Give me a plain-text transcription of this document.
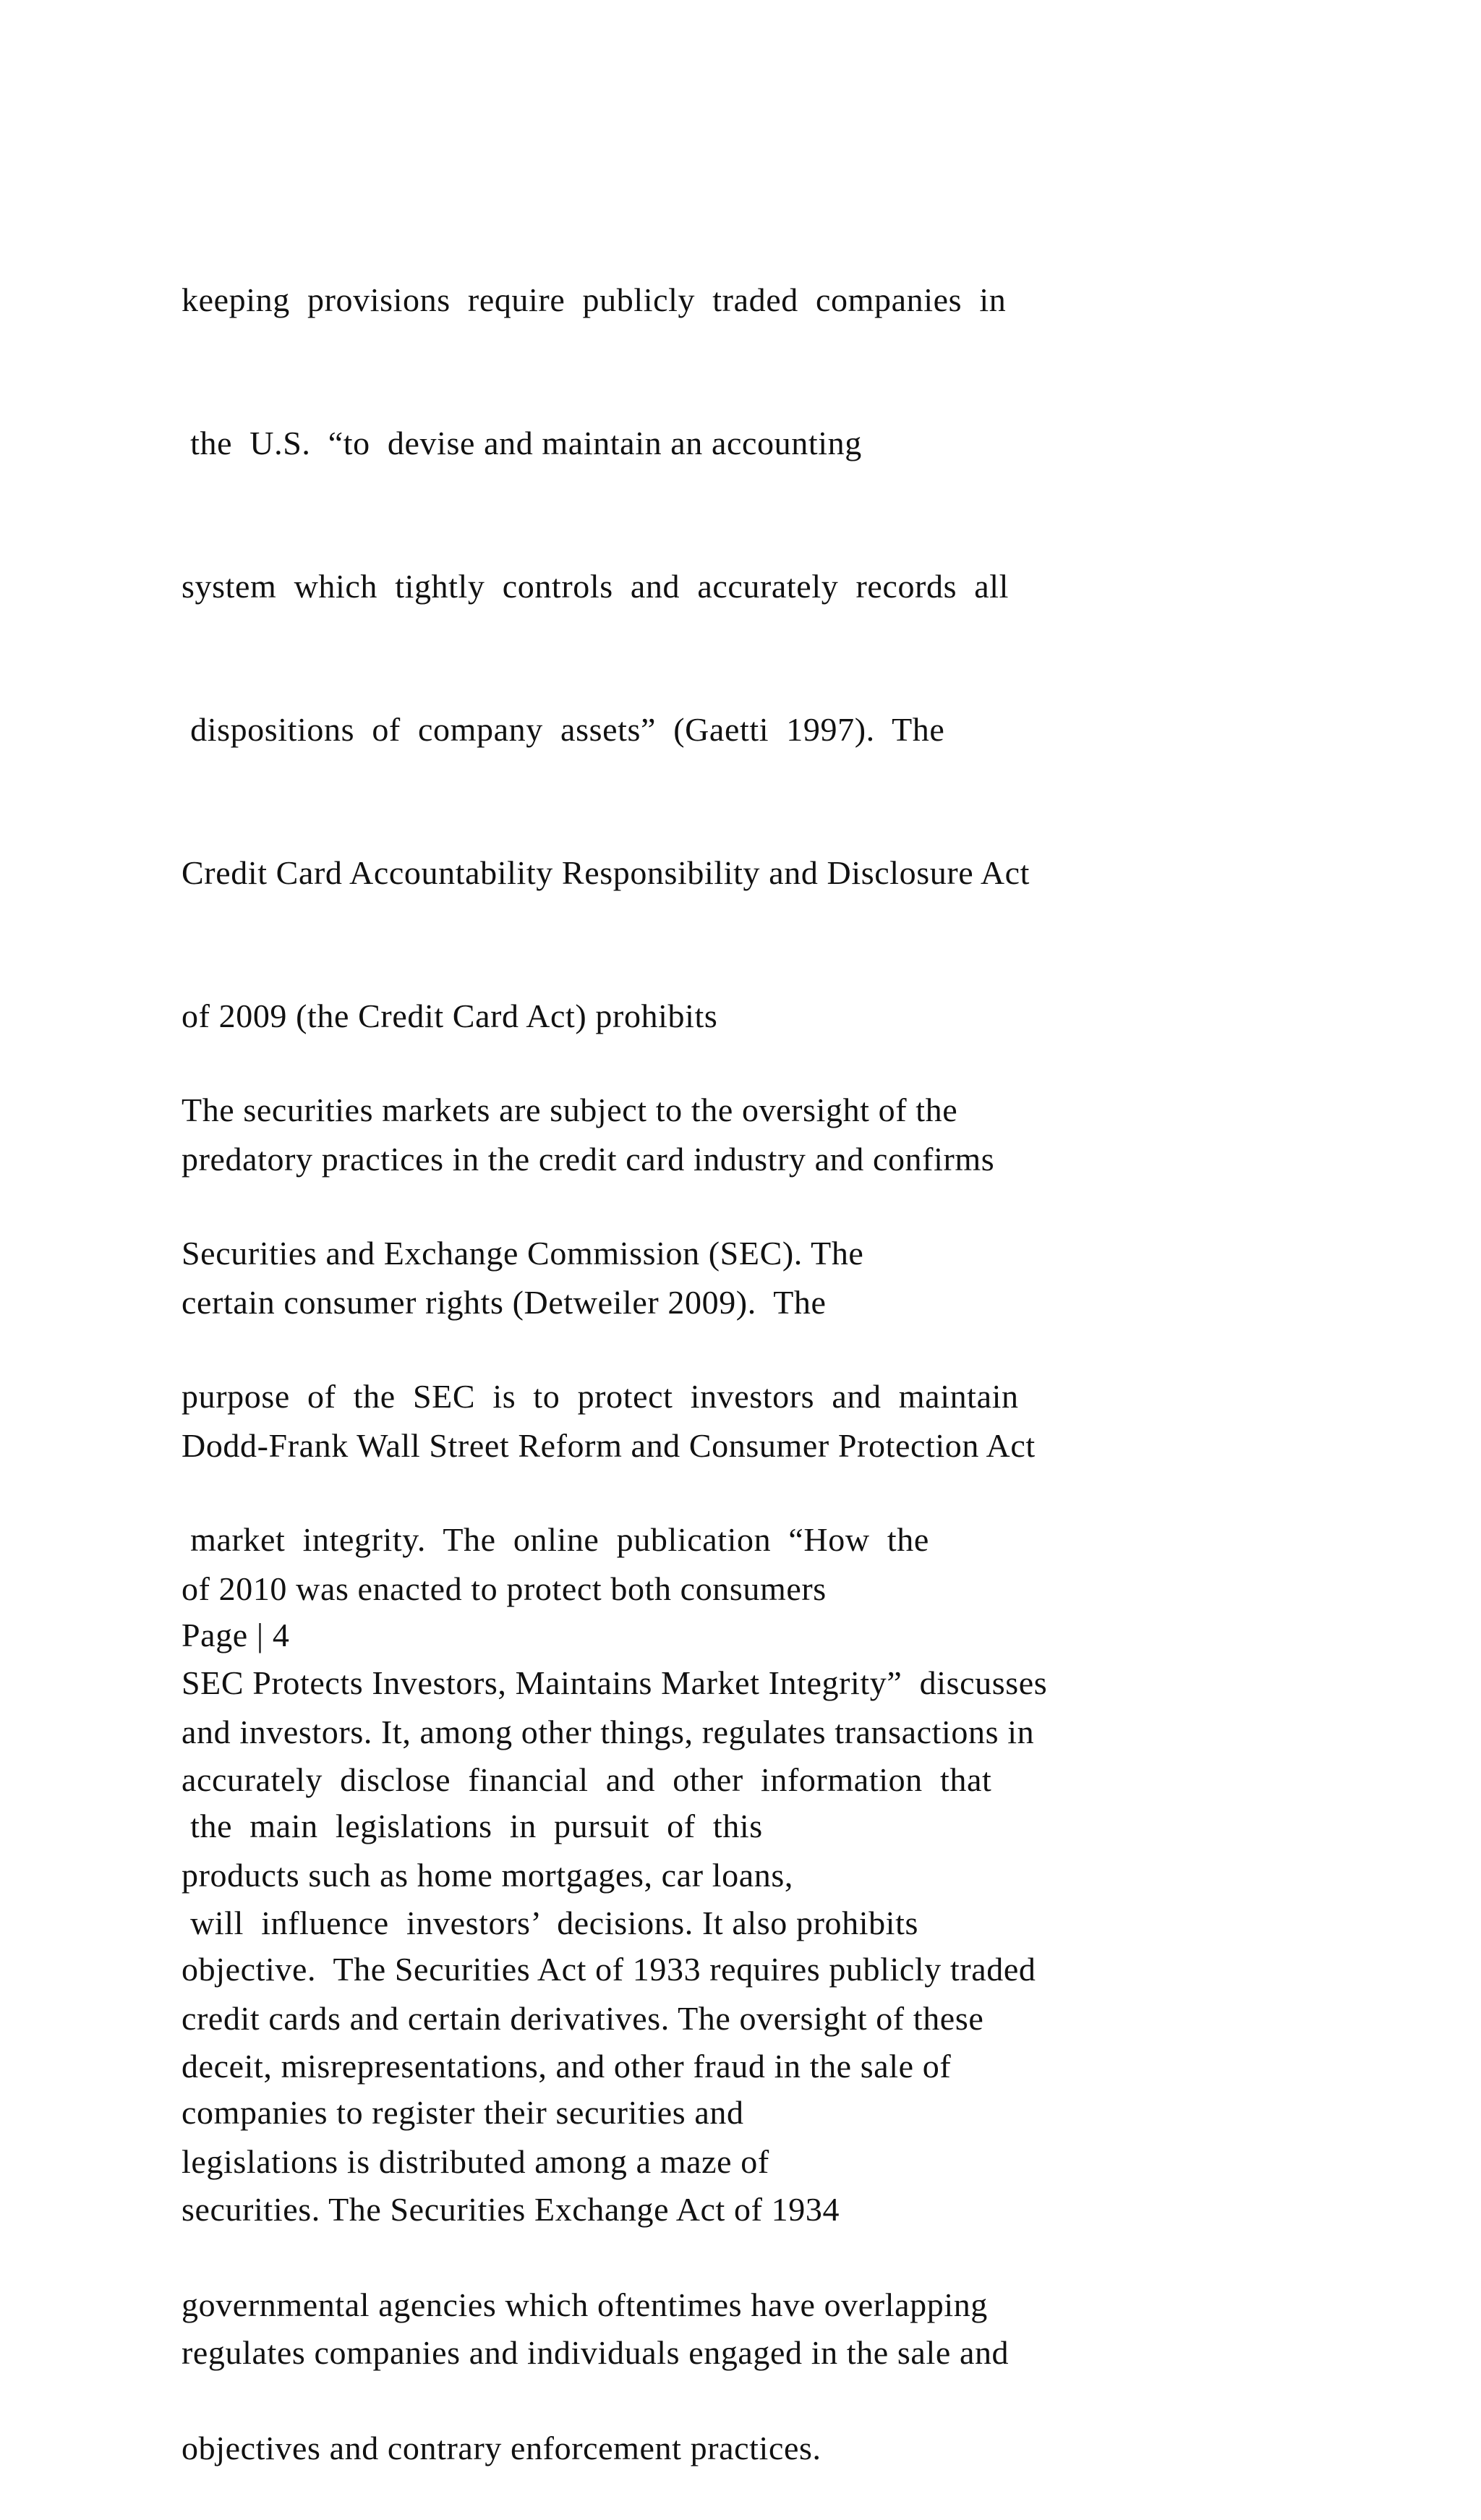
keeping  provisions  require  publicly  traded  companies  in

the  U.S.  “to  devise and maintain an accounting

system  which  tightly  controls  and  accurately  records  all

dispositions  of  company  assets”  (Gaetti  1997).  The

Credit Card Accountability Responsibility and Disclosure Act

of 2009 (the Credit Card Act) prohibits

predatory practices in the credit card industry and confirms

certain consumer rights (Detweiler 2009).  The

Dodd-Frank Wall Street Reform and Consumer Protection Act

of 2010 was enacted to protect both consumers

and investors. It, among other things, regulates transactions in

products such as home mortgages, car loans,

credit cards and certain derivatives. The oversight of these

legislations is distributed among a maze of

governmental agencies which oftentimes have overlapping

objectives and contrary enforcement practices.

The securities markets are subject to the oversight of the

Securities and Exchange Commission (SEC). The

purpose  of  the  SEC  is  to  protect  investors  and  maintain

market  integrity.  The  online  publication  “How  the

SEC Protects Investors, Maintains Market Integrity”  discusses

the  main  legislations  in  pursuit  of  this

objective.  The Securities Act of 1933 requires publicly traded

companies to register their securities and

Page | 4

accurately  disclose  financial  and  other  information  that

will  influence  investors’  decisions. It also prohibits

deceit, misrepresentations, and other fraud in the sale of

securities. The Securities Exchange Act of 1934

regulates companies and individuals engaged in the sale and
